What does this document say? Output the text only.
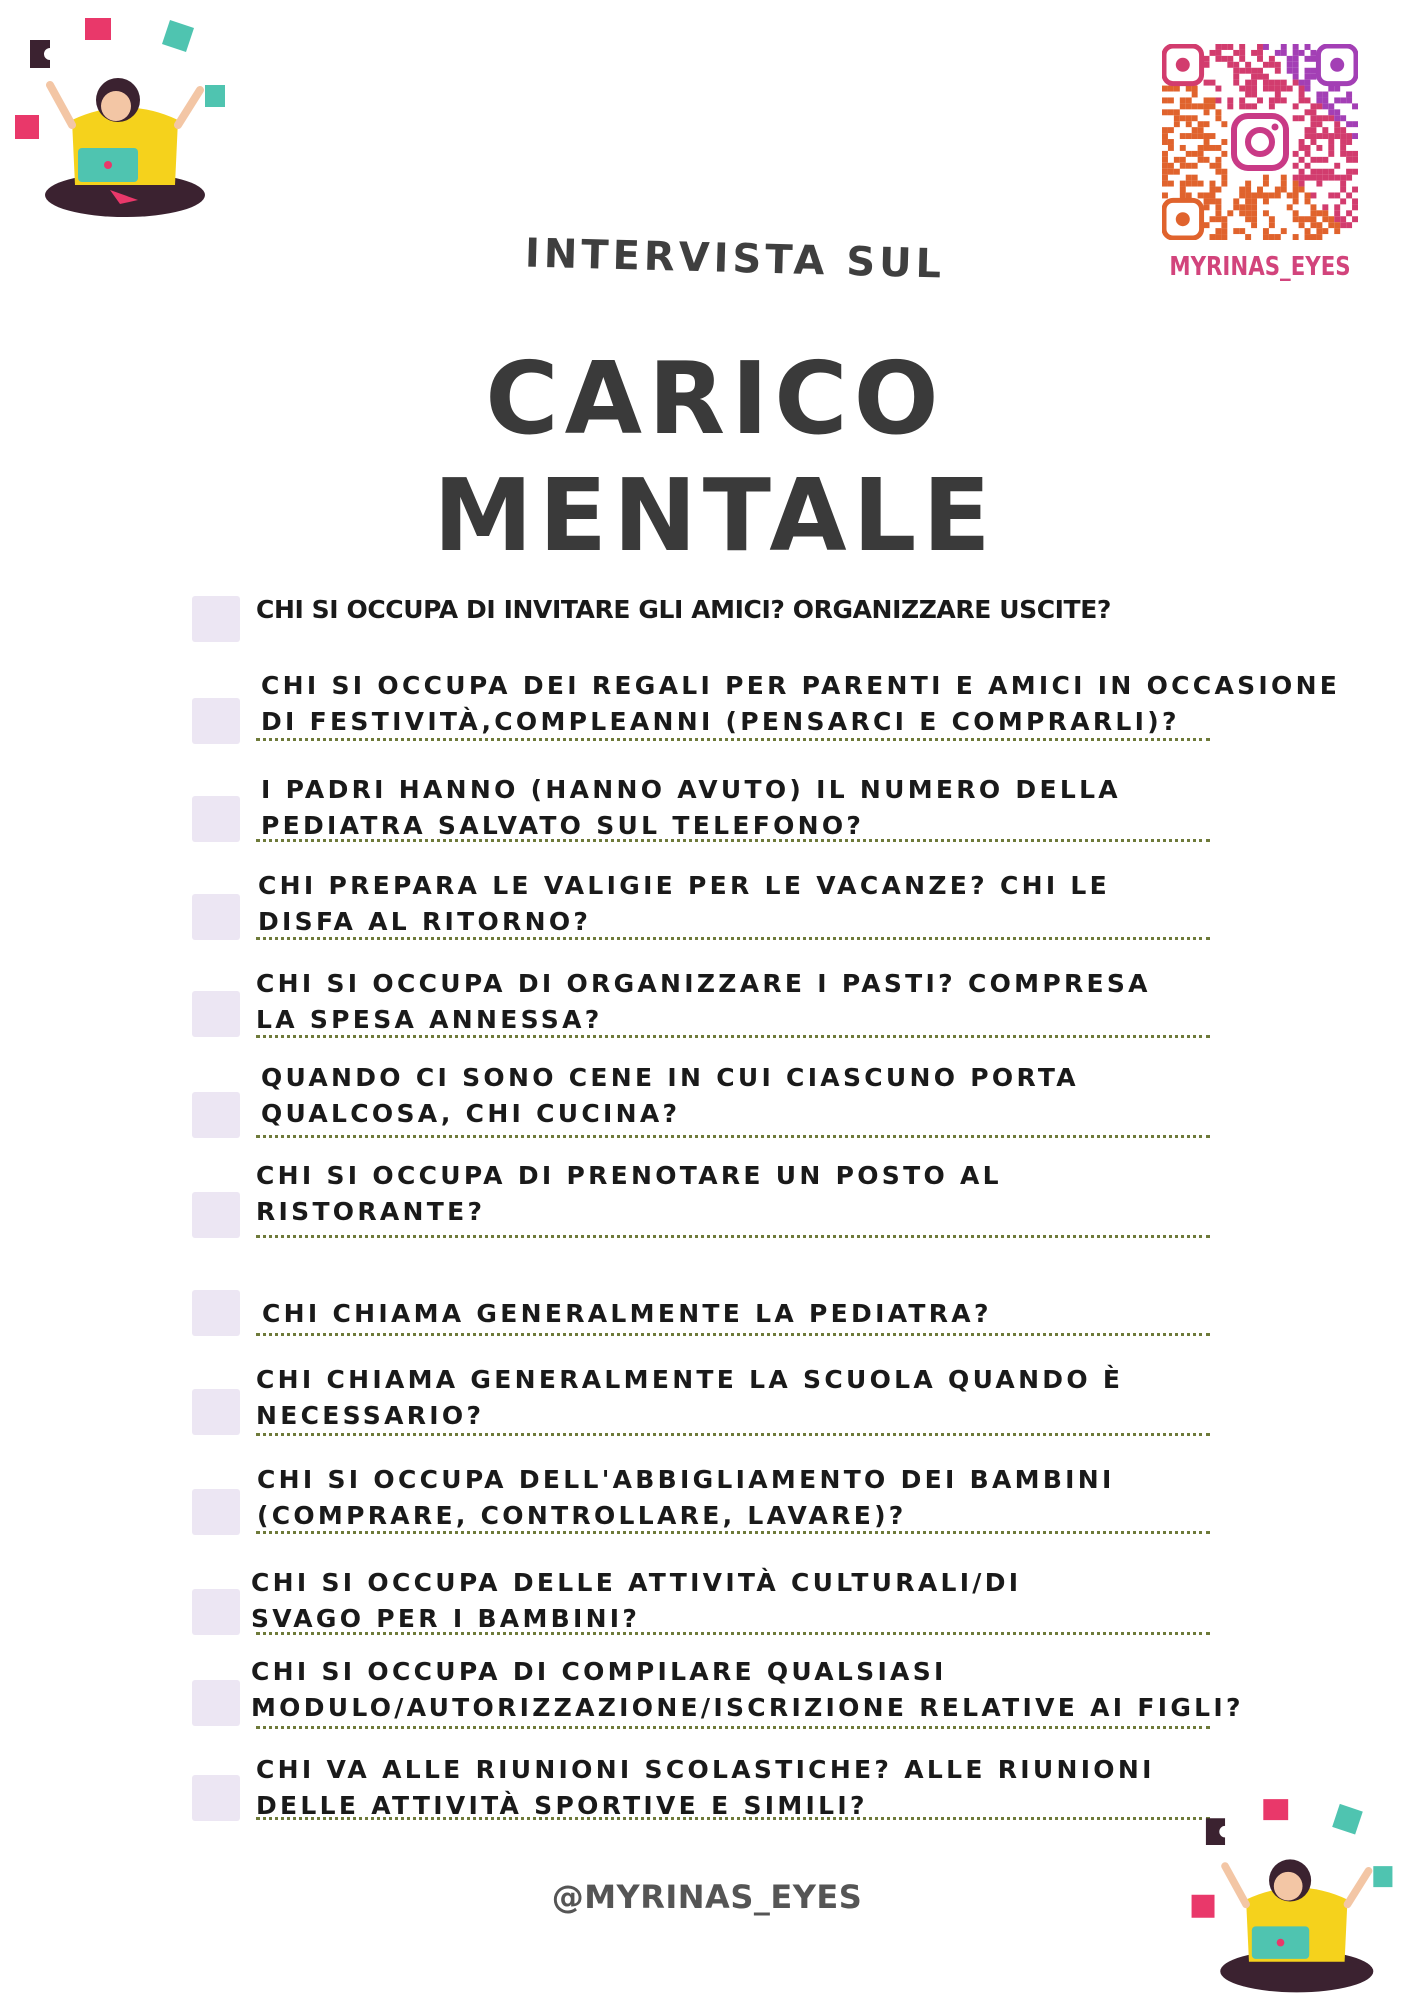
MYRINAS_EYES
INTERVISTA SUL
CARICO MENTALE
CHI SI OCCUPA DI INVITARE GLI AMICI? ORGANIZZARE USCITE?
CHI SI OCCUPA DEI REGALI PER PARENTI E AMICI IN OCCASIONE
DI FESTIVITÀ,COMPLEANNI (PENSARCI E COMPRARLI)?
I PADRI HANNO (HANNO AVUTO) IL NUMERO DELLA
PEDIATRA SALVATO SUL TELEFONO?
CHI PREPARA LE VALIGIE PER LE VACANZE? CHI LE
DISFA AL RITORNO?
CHI SI OCCUPA DI ORGANIZZARE I PASTI? COMPRESA
LA SPESA ANNESSA?
QUANDO CI SONO CENE IN CUI CIASCUNO PORTA
QUALCOSA, CHI CUCINA?
CHI SI OCCUPA DI PRENOTARE UN POSTO AL
RISTORANTE?
CHI CHIAMA GENERALMENTE LA PEDIATRA?
CHI CHIAMA GENERALMENTE LA SCUOLA QUANDO È
NECESSARIO?
CHI SI OCCUPA DELL'ABBIGLIAMENTO DEI BAMBINI
(COMPRARE, CONTROLLARE, LAVARE)?
CHI SI OCCUPA DELLE ATTIVITÀ CULTURALI/DI
SVAGO PER I BAMBINI?
CHI SI OCCUPA DI COMPILARE QUALSIASI
MODULO/AUTORIZZAZIONE/ISCRIZIONE RELATIVE AI FIGLI?
CHI VA ALLE RIUNIONI SCOLASTICHE? ALLE RIUNIONI
DELLE ATTIVITÀ SPORTIVE E SIMILI?
@MYRINAS_EYES
